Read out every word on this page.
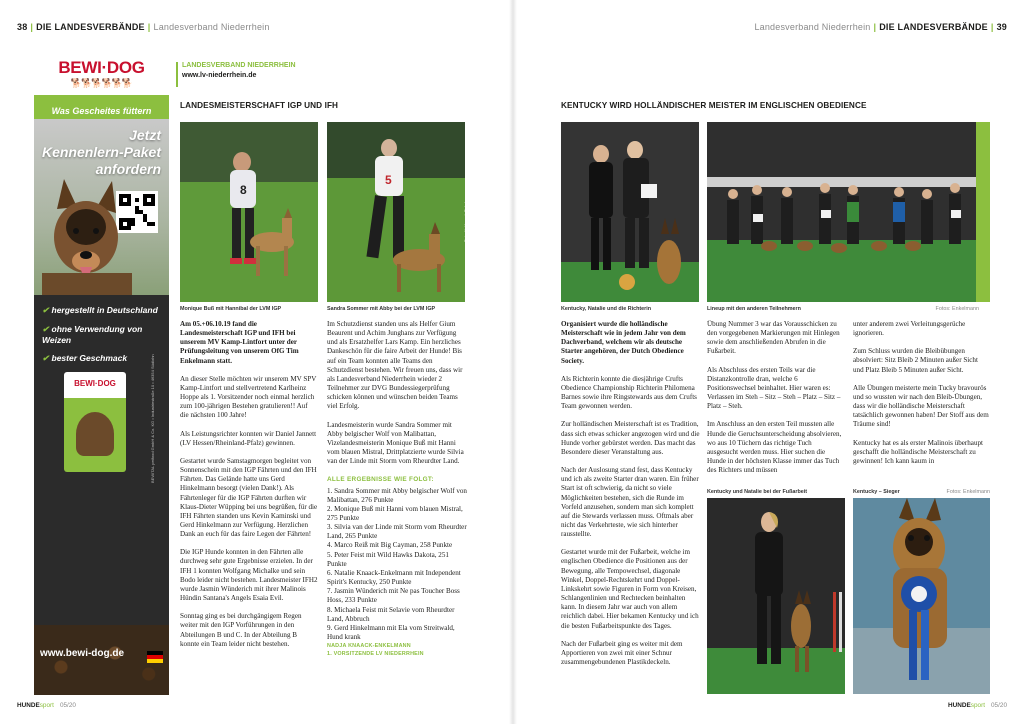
38 | DIE LANDESVERBÄNDE | Landesverband Niederrhein
BEWI·DOG
🐕🐕🐕🐕🐕🐕
Was Gescheites füttern
Jetzt
Kennenlern-Paket
anfordern
✔ hergestellt in Deutschland
✔ ohne Verwendung von Weizen
✔ bester Geschmack
BEWI·DOG
www.bewi-dog.de
BEWITAL petfood GmbH & Co. KG • Industriestraße 10 • 46354 Südlohn
LANDESVERBAND NIEDERRHEIN
www.lv-niederrhein.de
LANDESMEISTERSCHAFT IGP UND IFH
8
Monique Buß mit Hannibal der LVM IGP
5
Foto: N. Knaack-Enkelmann
Sandra Sommer mit Abby bei der LVM IGP

Am 05.+06.10.19 fand die Landesmeisterschaft IGP und IFH bei unserem MV Kamp-Lintfort unter der Prüfungsleitung von unserem OfG Tim Enkelmann statt.

An dieser Stelle möchten wir unserem MV SPV Kamp-Lintfort und stellvertretend Karlheinz Hoppe als 1. Vorsitzender noch einmal herzlich zum 100-jährigen Bestehen gratulieren!! Auf die nächsten 100 Jahre!

Als Leistungsrichter konnten wir Daniel Jannett (LV Hessen/Rheinland-Pfalz) gewinnen.

Gestartet wurde Samstagmorgen begleitet von Sonnenschein mit den IGP Fährten und den IFH Fährten. Das Gelände hatte uns Gerd Hinkelmann besorgt (vielen Dank!). Als Fährtenleger für die IGP Fährten durften wir Klaus-Dieter Wüpping bei uns begrüßen, für die IFH Fährten standen uns Kevin Kaminski und Gerd Hinkelmann zur Verfügung. Herzlichen Dank an euch für das faire Legen der Fährten!

Die IGP Hunde konnten in den Fährten alle durchweg sehr gute Ergebnisse erzielen. In der IFH 1 konnten Wolfgang Michalke und sein Bodo leider nicht bestehen. Landesmeister IFH2 wurde Jasmin Wünderich mit ihrer Malinois Hündin Santana's Angels Esaia Evil.

Sonntag ging es bei durchgängigem Regen weiter mit den IGP Vorführungen in den Abteilungen B und C. In der Abteilung B konnte ein Team leider nicht bestehen.

Im Schutzdienst standen uns als Helfer Gium Beaurent und Achim Junghans zur Verfügung und als Ersatzhelfer Lars Kamp. Ein herzliches Dankeschön für die faire Arbeit der Hunde! Bis auf ein Team konnten alle Teams den Schutzdienst bestehen. Wir freuen uns, dass wir als Landesverband Niederrhein wieder 2 Teilnehmer zur DVG Bundessiegerprüfung schicken können und wünschen beiden Teams viel Erfolg.

Landesmeisterin wurde Sandra Sommer mit Abby belgischer Wolf von Malibattan, Vizelandesmeisterin Monique Buß mit Hanni vom blauen Mistral, Drittplatzierte wurde Silvia van der Linde mit Storm vom Rheurdter Land.

ALLE ERGEBNISSE WIE FOLGT:
1. Sandra Sommer mit Abby belgischer Wolf von Malibattan, 276 Punkte
2. Monique Buß mit Hanni vom blauen Mistral, 275 Punkte
3. Silvia van der Linde mit Storm vom Rheurdter Land, 265 Punkte
4. Marco Reiß mit Big Cayman, 258 Punkte
5. Peter Feist mit Wild Hawks Dakota, 251 Punkte
6. Natalie Knaack-Enkelmann mit Independent Spirit's Kentucky, 250 Punkte
7. Jasmin Wünderich mit Ne pas Toucher Boss Hoss, 233 Punkte
8. Michaela Feist mit Selavie vom Rheurdter Land, Abbruch
9. Gerd Hinkelmann mit Ela vom Streitwald, Hund krank
NADJA KNAACK-ENKELMANN
1. VORSITZENDE LV NIEDERRHEIN
HUNDEsport 05/20
Landesverband Niederrhein | DIE LANDESVERBÄNDE | 39
KENTUCKY WIRD HOLLÄNDISCHER MEISTER IM ENGLISCHEN OBEDIENCE
Kentucky, Natalie und die Richterin	Fotos: Enkelmann
Lineup mit den anderen Teilnehmern

Organisiert wurde die holländische Meisterschaft wie in jedem Jahr von dem Dachverband, welchem wir als deutsche Starter angehören, der Dutch Obedience Society.

Als Richterin konnte die diesjährige Crufts Obedience Championship Richterin Philomena Barnes sowie ihre Ringstewards aus dem Crufts Team gewonnen werden.

Zur holländischen Meisterschaft ist es Tradition, dass sich etwas schicker angezogen wird und die Hunde vorher gebürstet werden. Das macht das Besondere dieser Veranstaltung aus.

Nach der Auslosung stand fest, dass Kentucky und ich als zweite Starter dran waren. Ein früher Start ist oft schwierig, da nicht so viele Möglichkeiten bestehen, sich die Runde im Vorfeld anzusehen, sondern man sich komplett auf die Stewards verlassen muss. Oftmals aber nicht das Verkehrteste, wie sich hinterher rausstellte.

Gestartet wurde mit der Fußarbeit, welche im englischen Obedience die Positionen aus der Bewegung, alle Tempowechsel, diagonale Winkel, Doppel-Rechtskehrt und Doppel-Linkskehrt sowie Figuren in Form von Kreisen, Schlangenlinien und Rechtecken beinhalten kann. In diesem Jahr war auch von allem reichlich dabei. Hier bekamen Kentucky und ich die besten Fußarbeitspunkte des Tages.

Nach der Fußarbeit ging es weiter mit dem Apportieren von zwei mit einer Schnur zusammengebundenen Plastikdeckeln.

Übung Nummer 3 war das Vorausschicken zu den vorgegebenen Markierungen mit Hinlegen sowie dem anschließenden Abrufen in die Fußarbeit.

Als Abschluss des ersten Teils war die Distanzkontrolle dran, welche 6 Positionswechsel beinhaltet. Hier waren es: Verlassen im Steh – Sitz – Steh – Platz – Sitz – Platz – Steh.

Im Anschluss an den ersten Teil mussten alle Hunde die Geruchsunterscheidung absolvieren, wo aus 10 Tüchern das richtige Tuch ausgesucht werden muss. Hier suchen die Hunde in der höchsten Klasse immer das Tuch des Richters und müssen

unter anderem zwei Verleitungsgerüche ignorieren.

Zum Schluss wurden die Bleibübungen absolviert: Sitz Bleib 2 Minuten außer Sicht und Platz Bleib 5 Minuten außer Sicht.

Alle Übungen meisterte mein Tucky bravourös und so wussten wir nach den Bleib-Übungen, dass wir die holländische Meisterschaft tatsächlich gewonnen haben! Der Stoff aus dem Träume sind!

Kentucky hat es als erster Malinois überhaupt geschafft die holländische Meisterschaft zu gewinnen! Ich kann kaum in

Kentucky und Natalie bei der Fußarbeit	Fotos: Enkelmann
Kentucky – Sieger
HUNDEsport 05/20
